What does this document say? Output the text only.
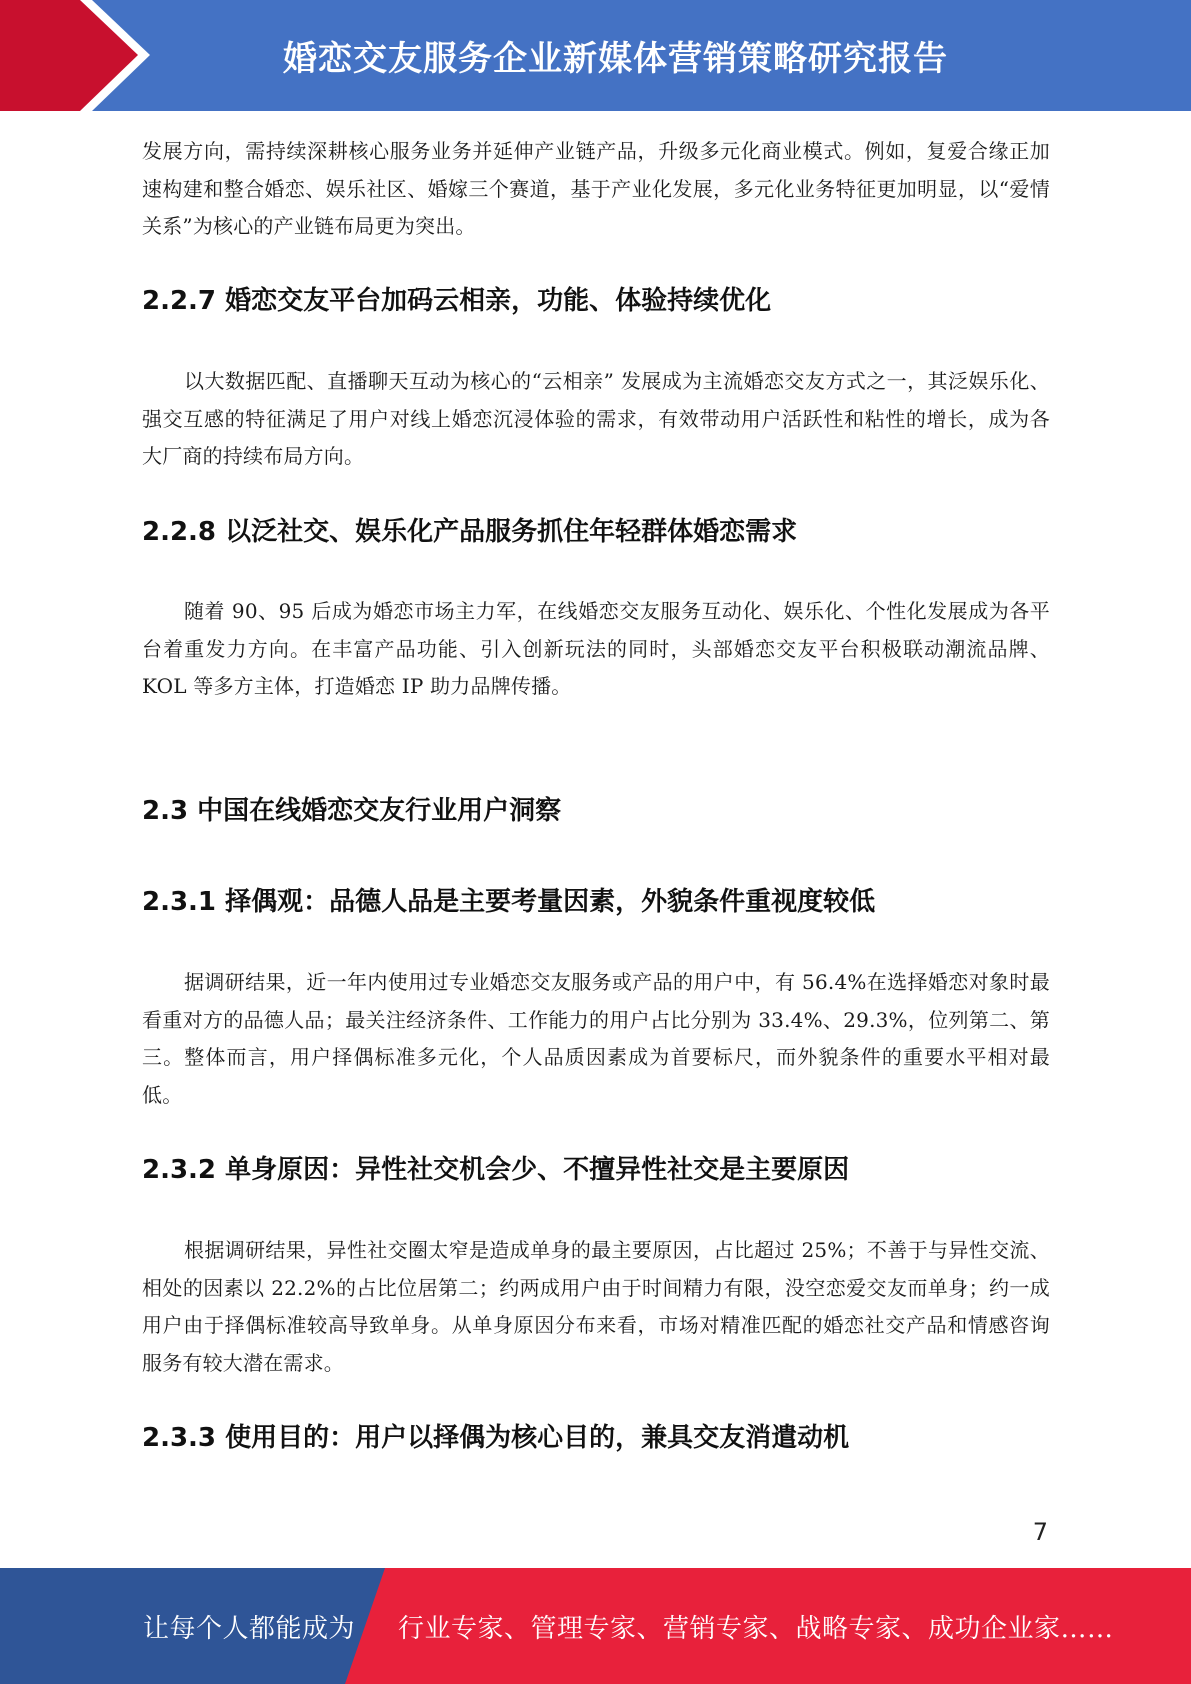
婚恋交友服务企业新媒体营销策略研究报告

发展方向，需持续深耕核心服务业务并延伸产业链产品，升级多元化商业模式。例如，复爱合缘正加速构建和整合婚恋、娱乐社区、婚嫁三个赛道，基于产业化发展，多元化业务特征更加明显，以“爱情关系”为核心的产业链布局更为突出。

2.2.7 婚恋交友平台加码云相亲，功能、体验持续优化

以大数据匹配、直播聊天互动为核心的“云相亲” 发展成为主流婚恋交友方式之一，其泛娱乐化、强交互感的特征满足了用户对线上婚恋沉浸体验的需求，有效带动用户活跃性和粘性的增长，成为各大厂商的持续布局方向。

2.2.8 以泛社交、娱乐化产品服务抓住年轻群体婚恋需求

随着 90、95 后成为婚恋市场主力军，在线婚恋交友服务互动化、娱乐化、个性化发展成为各平台着重发力方向。在丰富产品功能、引入创新玩法的同时，头部婚恋交友平台积极联动潮流品牌、KOL 等多方主体，打造婚恋 IP 助力品牌传播。

2.3 中国在线婚恋交友行业用户洞察
2.3.1 择偶观：品德人品是主要考量因素，外貌条件重视度较低

据调研结果，近一年内使用过专业婚恋交友服务或产品的用户中，有 56.4%在选择婚恋对象时最看重对方的品德人品；最关注经济条件、工作能力的用户占比分别为 33.4%、29.3%，位列第二、第三。整体而言，用户择偶标准多元化，个人品质因素成为首要标尺，而外貌条件的重要水平相对最低。

2.3.2 单身原因：异性社交机会少、不擅异性社交是主要原因

根据调研结果，异性社交圈太窄是造成单身的最主要原因，占比超过 25%；不善于与异性交流、相处的因素以 22.2%的占比位居第二；约两成用户由于时间精力有限，没空恋爱交友而单身；约一成用户由于择偶标准较高导致单身。从单身原因分布来看，市场对精准匹配的婚恋社交产品和情感咨询服务有较大潜在需求。

2.3.3 使用目的：用户以择偶为核心目的，兼具交友消遣动机
7
让每个人都能成为 行业专家、管理专家、营销专家、战略专家、成功企业家……
